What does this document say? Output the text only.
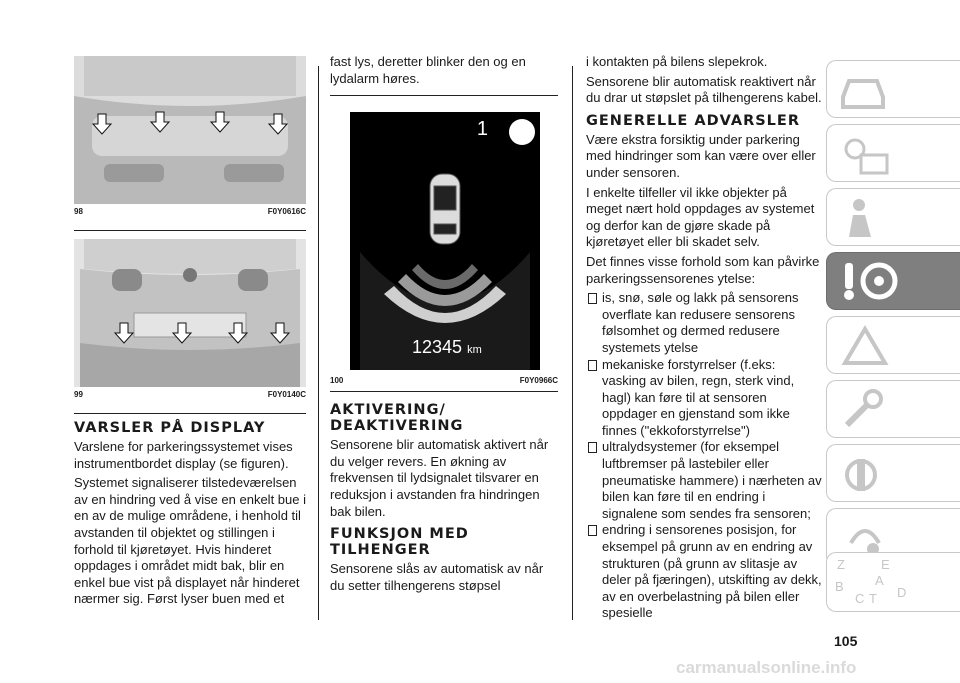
98	F0Y0616C
99	F0Y0140C
VARSLER PÅ DISPLAY

Varslene for parkeringssystemet vises instrumentbordet display (se figuren).

Systemet signaliserer tilstedeværelsen av en hindring ved å vise en enkelt bue i en av de mulige områdene, i henhold til avstanden til objektet og stillingen i forhold til kjøretøyet. Hvis hinderet oppdages i området midt bak, blir en enkel bue vist på displayet når hinderet nærmer sig. Først lyser buen med et

fast lys, deretter blinker den og en lydalarm høres.

1
12345 km
100	F0Y0966C
AKTIVERING/ DEAKTIVERING

Sensorene blir automatisk aktivert når du velger revers. En økning av frekvensen til lydsignalet tilsvarer en reduksjon i avstanden fra hindringen bak bilen.

FUNKSJON MED TILHENGER

Sensorene slås av automatisk av når du setter tilhengerens støpsel

i kontakten på bilens slepekrok.

Sensorene blir automatisk reaktivert når du drar ut støpslet på tilhengerens kabel.

GENERELLE ADVARSLER

Være ekstra forsiktig under parkering med hindringer som kan være over eller under sensoren.

I enkelte tilfeller vil ikke objekter på meget nært hold oppdages av systemet og derfor kan de gjøre skade på kjøretøyet eller bli skadet selv.

Det finnes visse forhold som kan påvirke parkeringssensorenes ytelse:

is, snø, søle og lakk på sensorens overflate kan redusere sensorens følsomhet og dermed redusere systemets ytelse
mekaniske forstyrrelser (f.eks: vasking av bilen, regn, sterk vind, hagl) kan føre til at sensoren oppdager en gjenstand som ikke finnes ("ekkoforstyrrelse")
ultralydsystemer (for eksempel luftbremser på lastebiler eller pneumatiske hammere) i nærheten av bilen kan føre til en endring i signalene som sendes fra sensoren;
endring i sensorenes posisjon, for eksempel på grunn av en endring av strukturen (på grunn av slitasje av deler på fjæringen), utskifting av dekk, av en overbelastning på bilen eller spesielle
Z	E
B A
C T D
105
carmanualsonline.info
